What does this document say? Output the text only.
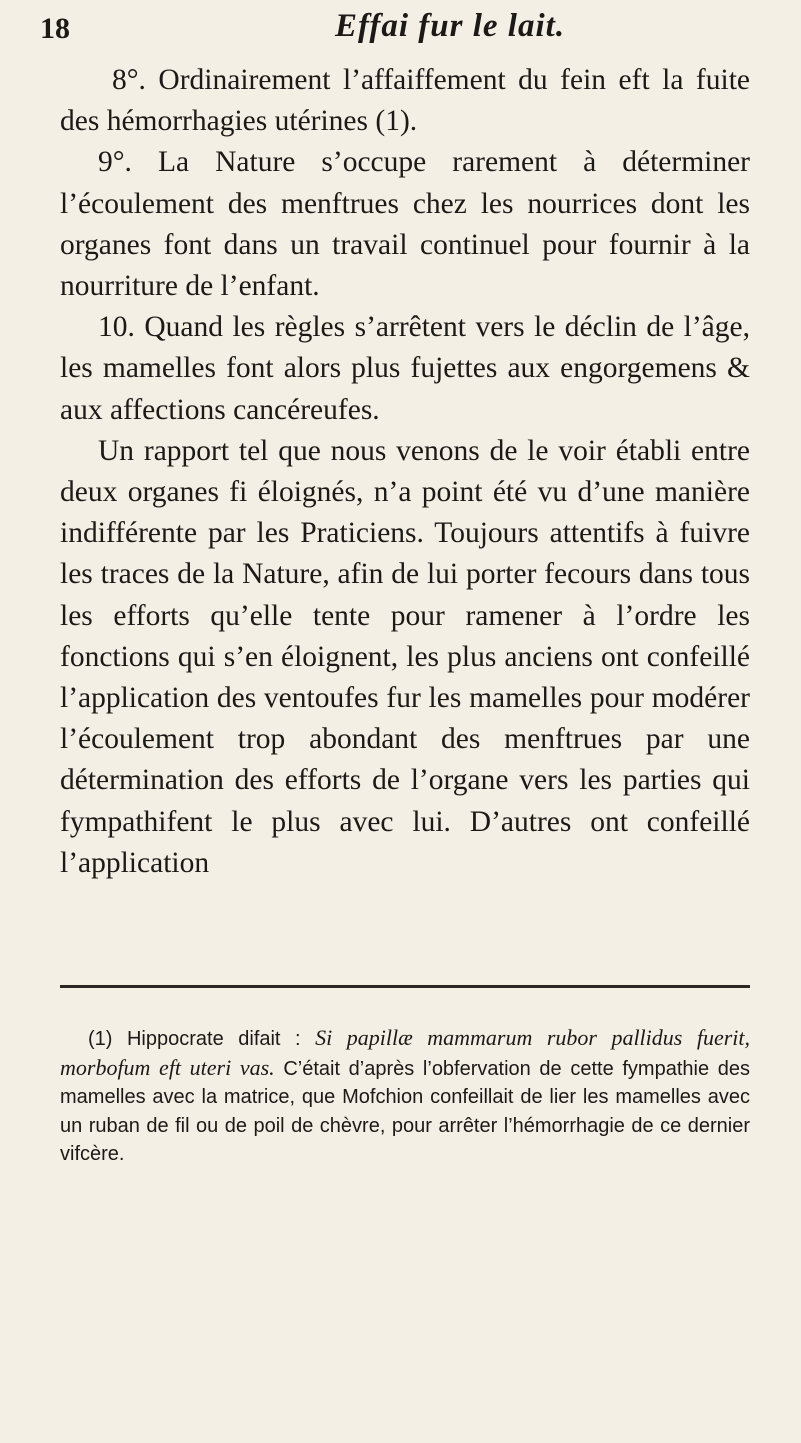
18	Effai fur le lait.

8°. Ordinairement l’affaiffement du fein eft la fuite des hémorrhagies utérines (1).

9°. La Nature s’occupe rarement à déterminer l’écoulement des menftrues chez les nourrices dont les organes font dans un travail continuel pour fournir à la nourriture de l’enfant.

10. Quand les règles s’arrêtent vers le déclin de l’âge, les mamelles font alors plus fujettes aux engorgemens & aux affections cancéreufes.

Un rapport tel que nous venons de le voir établi entre deux organes fi éloignés, n’a point été vu d’une manière indifférente par les Praticiens. Toujours attentifs à fuivre les traces de la Nature, afin de lui porter fecours dans tous les efforts qu’elle tente pour ramener à l’ordre les fonctions qui s’en éloignent, les plus anciens ont confeillé l’application des ventoufes fur les mamelles pour modérer l’écoulement trop abondant des menftrues par une détermination des efforts de l’organe vers les parties qui fympathifent le plus avec lui. D’autres ont confeillé l’application

(1) Hippocrate difait : Si papillæ mammarum rubor pallidus fuerit, morbofum eft uteri vas. C’était d’après l’obfervation de cette fympathie des mamelles avec la matrice, que Mofchion confeillait de lier les mamelles avec un ruban de fil ou de poil de chèvre, pour arrêter l’hémorrhagie de ce dernier vifcère.
